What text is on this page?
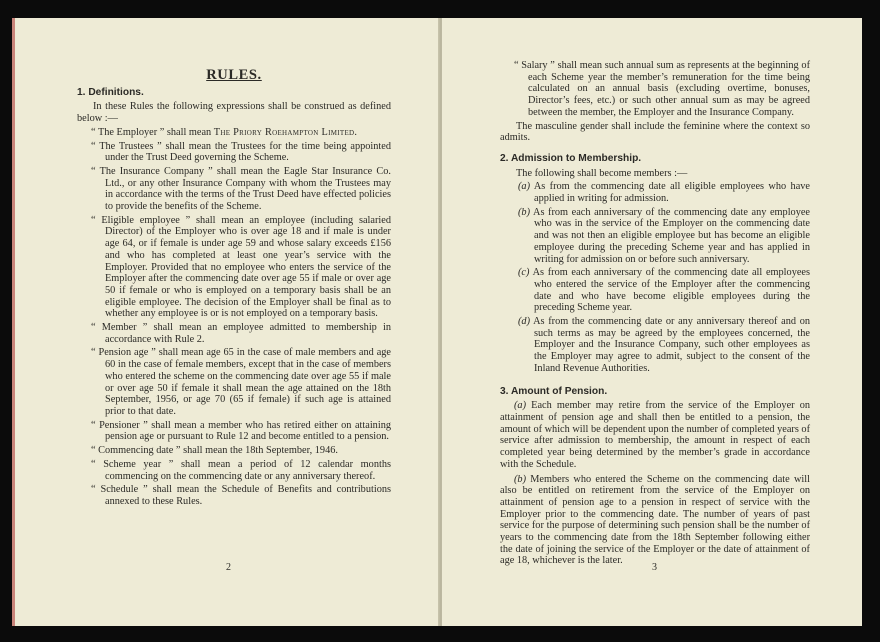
RULES.
1. Definitions.

In these Rules the following expressions shall be construed as defined below :—

“ The Employer ” shall mean The Priory Roehampton Limited.

“ The Trustees ” shall mean the Trustees for the time being appointed under the Trust Deed governing the Scheme.

“ The Insurance Company ” shall mean the Eagle Star Insurance Co. Ltd., or any other Insurance Company with whom the Trustees may in accordance with the terms of the Trust Deed have effected policies to provide the benefits of the Scheme.

“ Eligible employee ” shall mean an employee (including salaried Director) of the Employer who is over age 18 and if male is under age 64, or if female is under age 59 and whose salary exceeds £156 and who has completed at least one year’s service with the Employer. Provided that no employee who enters the service of the Employer after the commencing date over age 55 if male or over age 50 if female or who is employed on a temporary basis shall be an eligible employee. The decision of the Employer shall be final as to whether any employee is or is not employed on a temporary basis.

“ Member ” shall mean an employee admitted to membership in accordance with Rule 2.

“ Pension age ” shall mean age 65 in the case of male members and age 60 in the case of female members, except that in the case of members who entered the scheme on the commencing date over age 55 if male or over age 50 if female it shall mean the age attained on the 18th September, 1956, or age 70 (65 if female) if such age is attained prior to that date.

“ Pensioner ” shall mean a member who has retired either on attaining pension age or pursuant to Rule 12 and become entitled to a pension.

“ Commencing date ” shall mean the 18th September, 1946.

“ Scheme year ” shall mean a period of 12 calendar months commencing on the commencing date or any anniversary thereof.

“ Schedule ” shall mean the Schedule of Benefits and contributions annexed to these Rules.

2

“ Salary ” shall mean such annual sum as represents at the beginning of each Scheme year the member’s remuneration for the time being calculated on an annual basis (excluding overtime, bonuses, Director’s fees, etc.) or such other annual sum as may be agreed between the member, the Employer and the Insurance Company.

The masculine gender shall include the feminine where the context so admits.

2. Admission to Membership.

The following shall become members :—

(a) As from the commencing date all eligible employees who have applied in writing for admission.

(b) As from each anniversary of the commencing date any employee who was in the service of the Employer on the commencing date and was not then an eligible employee but has become an eligible employee during the preceding Scheme year and has applied in writing for admission on or before such anniversary.

(c) As from each anniversary of the commencing date all employees who entered the service of the Employer after the commencing date and who have become eligible employees during the preceding Scheme year.

(d) As from the commencing date or any anniversary thereof and on such terms as may be agreed by the employees concerned, the Employer and the Insurance Company, such other employees as the Employer may agree to admit, subject to the consent of the Inland Revenue Authorities.

3. Amount of Pension.

(a) Each member may retire from the service of the Employer on attainment of pension age and shall then be entitled to a pension, the amount of which will be dependent upon the number of completed years of service after admission to membership, the amount in respect of each completed year being determined by the member’s grade in accordance with the Schedule.

(b) Members who entered the Scheme on the commencing date will also be entitled on retirement from the service of the Employer on attainment of pension age to a pension in respect of service with the Employer prior to the commencing date. The number of years of past service for the purpose of determining such pension shall be the number of years to the commencing date from the 18th September following either the date of joining the service of the Employer or the date of attainment of age 18, whichever is the later.

3
